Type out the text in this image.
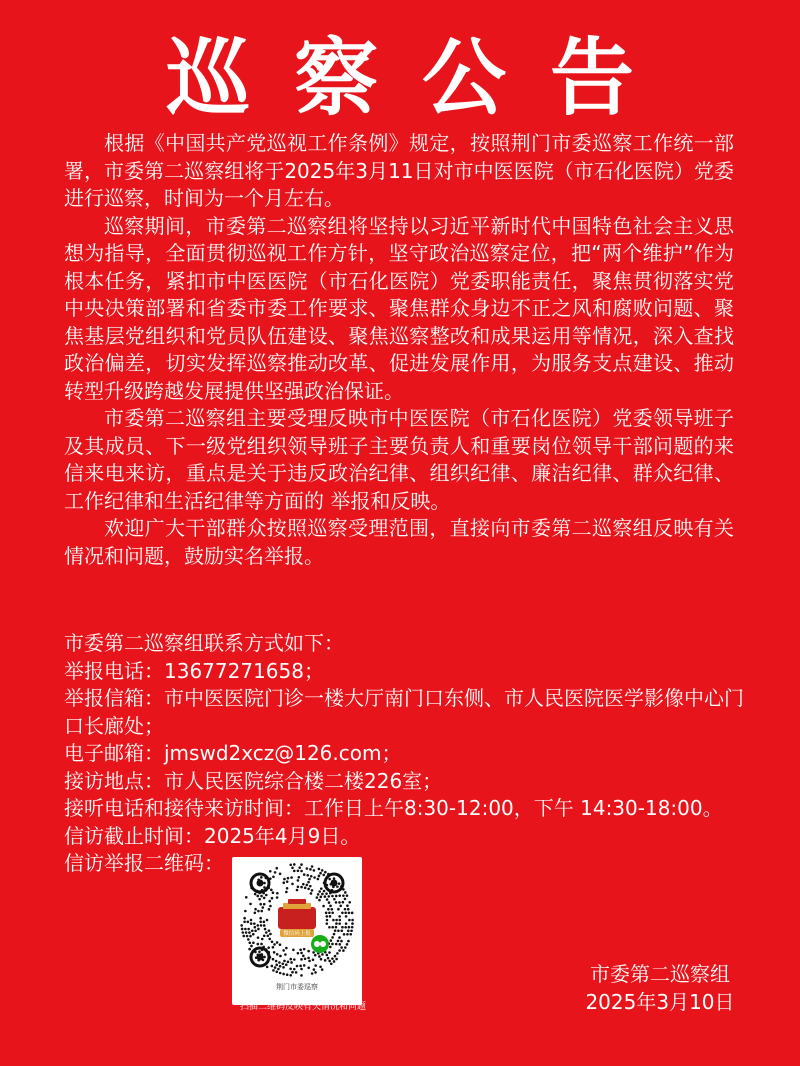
巡察公告

根据《中国共产党巡视工作条例》规定，按照荆门市委巡察工作统一部署，市委第二巡察组将于2025年3月11日对市中医医院（市石化医院）党委进行巡察，时间为一个月左右。

巡察期间，市委第二巡察组将坚持以习近平新时代中国特色社会主义思想为指导，全面贯彻巡视工作方针，坚守政治巡察定位，把“两个维护”作为根本任务，紧扣市中医医院（市石化医院）党委职能责任，聚焦贯彻落实党中央决策部署和省委市委工作要求、聚焦群众身边不正之风和腐败问题、聚焦基层党组织和党员队伍建设、聚焦巡察整改和成果运用等情况，深入查找政治偏差，切实发挥巡察推动改革、促进发展作用，为服务支点建设、推动转型升级跨越发展提供坚强政治保证。

市委第二巡察组主要受理反映市中医医院（市石化医院）党委领导班子及其成员、下一级党组织领导班子主要负责人和重要岗位领导干部问题的来信来电来访，重点是关于违反政治纪律、组织纪律、廉洁纪律、群众纪律、工作纪律和生活纪律等方面的 举报和反映。

欢迎广大干部群众按照巡察受理范围，直接向市委第二巡察组反映有关情况和问题，鼓励实名举报。

市委第二巡察组联系方式如下：
举报电话：13677271658；
举报信箱：市中医医院门诊一楼大厅南门口东侧、市人民医院医学影像中心门口长廊处；
电子邮箱：jmswd2xcz@126.com；
接访地点：市人民医院综合楼二楼226室；
接听电话和接待来访时间：工作日上午8:30-12:00，下午 14:30-18:00。
信访截止时间：2025年4月9日。
信访举报二维码：
微信码上报
荆门市委巡察
扫描二维码反映有关情况和问题
市委第二巡察组
2025年3月10日
